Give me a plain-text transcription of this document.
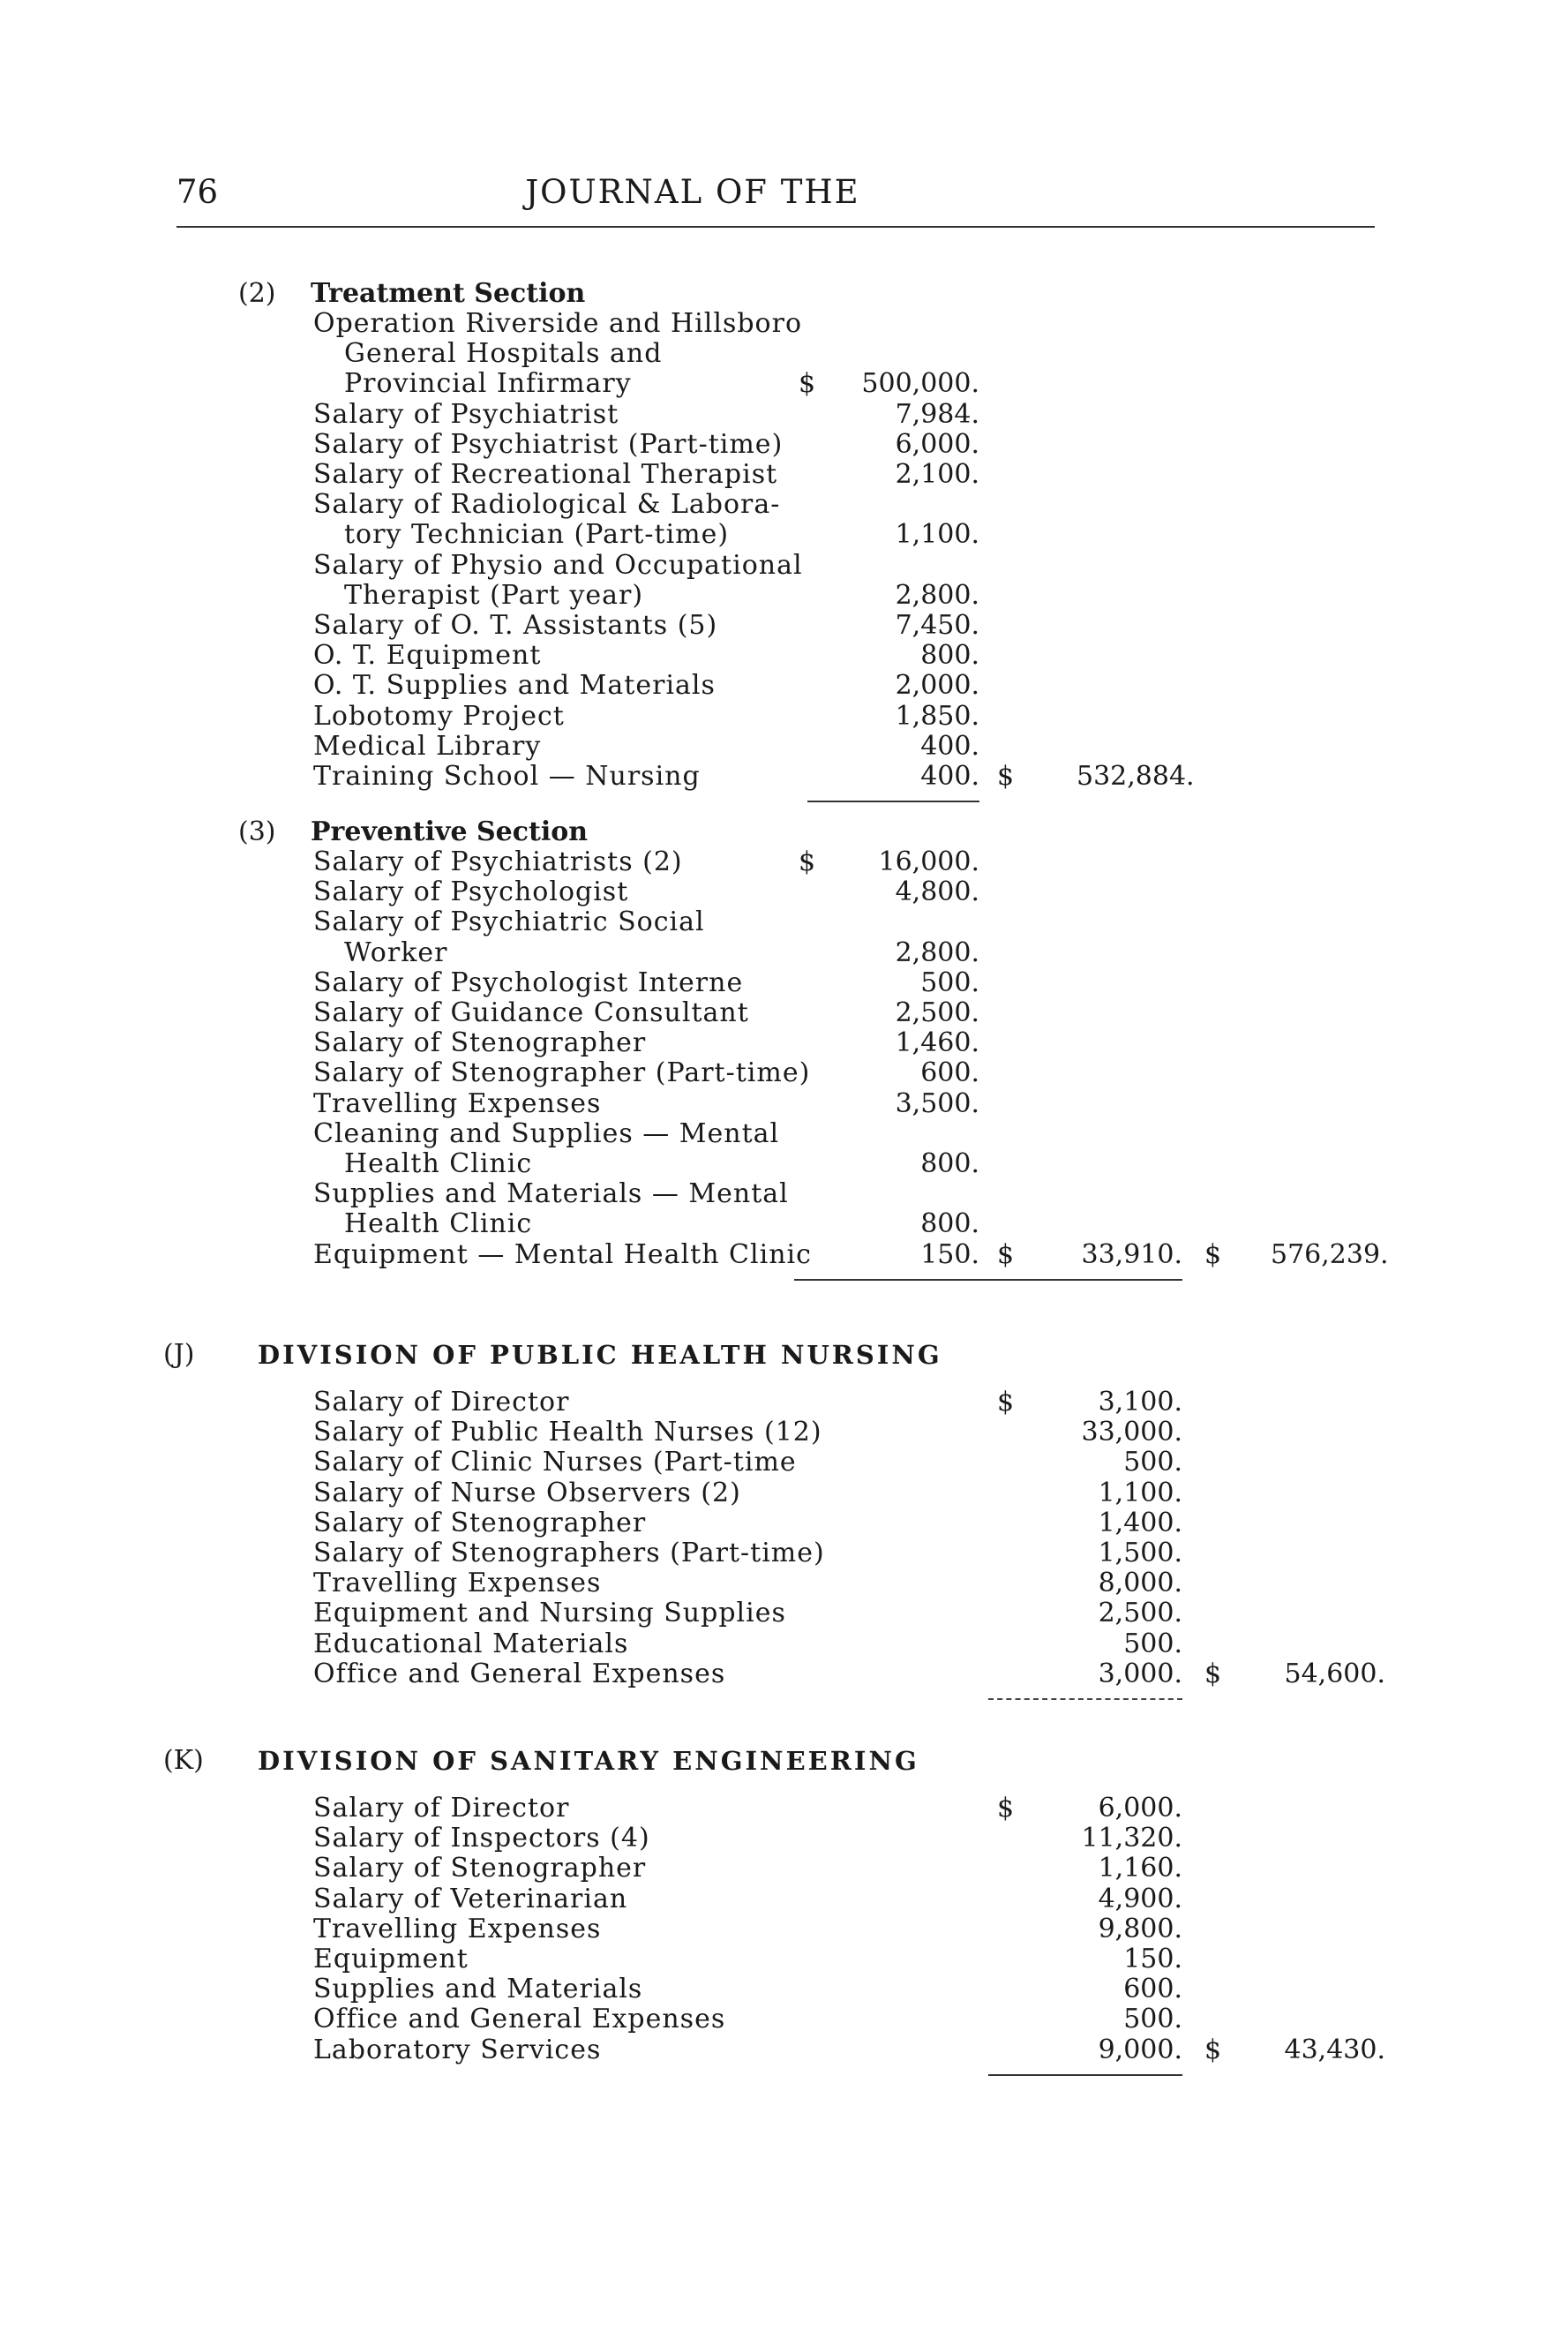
76	JOURNAL OF THE
(2) Treatment Section
Operation Riverside and Hillsboro
General Hospitals and
Provincial Infirmary	$	500,000.
Salary of Psychiatrist	7,984.
Salary of Psychiatrist (Part-time)	6,000.
Salary of Recreational Therapist	2,100.
Salary of Radiological & Labora-
tory Technician (Part-time)	1,100.
Salary of Physio and Occupational
Therapist (Part year)	2,800.
Salary of O. T. Assistants (5)	7,450.
O. T. Equipment	800.
O. T. Supplies and Materials	2,000.
Lobotomy Project	1,850.
Medical Library	400.
Training School — Nursing	400. $ 532,884.
(3) Preventive Section
Salary of Psychiatrists (2)	$	16,000.
Salary of Psychologist	4,800.
Salary of Psychiatric Social
Worker	2,800.
Salary of Psychologist Interne	500.
Salary of Guidance Consultant	2,500.
Salary of Stenographer	1,460.
Salary of Stenographer (Part-time)	600.
Travelling Expenses	3,500.
Cleaning and Supplies — Mental
Health Clinic	800.
Supplies and Materials — Mental
Health Clinic	800.
Equipment — Mental Health Clinic	150. $	33,910. $ 576,239.
(J) DIVISION OF PUBLIC HEALTH NURSING
Salary of Director	$	3,100.
Salary of Public Health Nurses (12)	33,000.
Salary of Clinic Nurses (Part-time	500.
Salary of Nurse Observers (2)	1,100.
Salary of Stenographer	1,400.
Salary of Stenographers (Part-time)	1,500.
Travelling Expenses	8,000.
Equipment and Nursing Supplies	2,500.
Educational Materials	500.
Office and General Expenses	3,000. $	54,600.
(K) DIVISION OF SANITARY ENGINEERING
Salary of Director	$	6,000.
Salary of Inspectors (4)	11,320.
Salary of Stenographer	1,160.
Salary of Veterinarian	4,900.
Travelling Expenses	9,800.
Equipment	150.
Supplies and Materials	600.
Office and General Expenses	500.
Laboratory Services	9,000. $	43,430.
